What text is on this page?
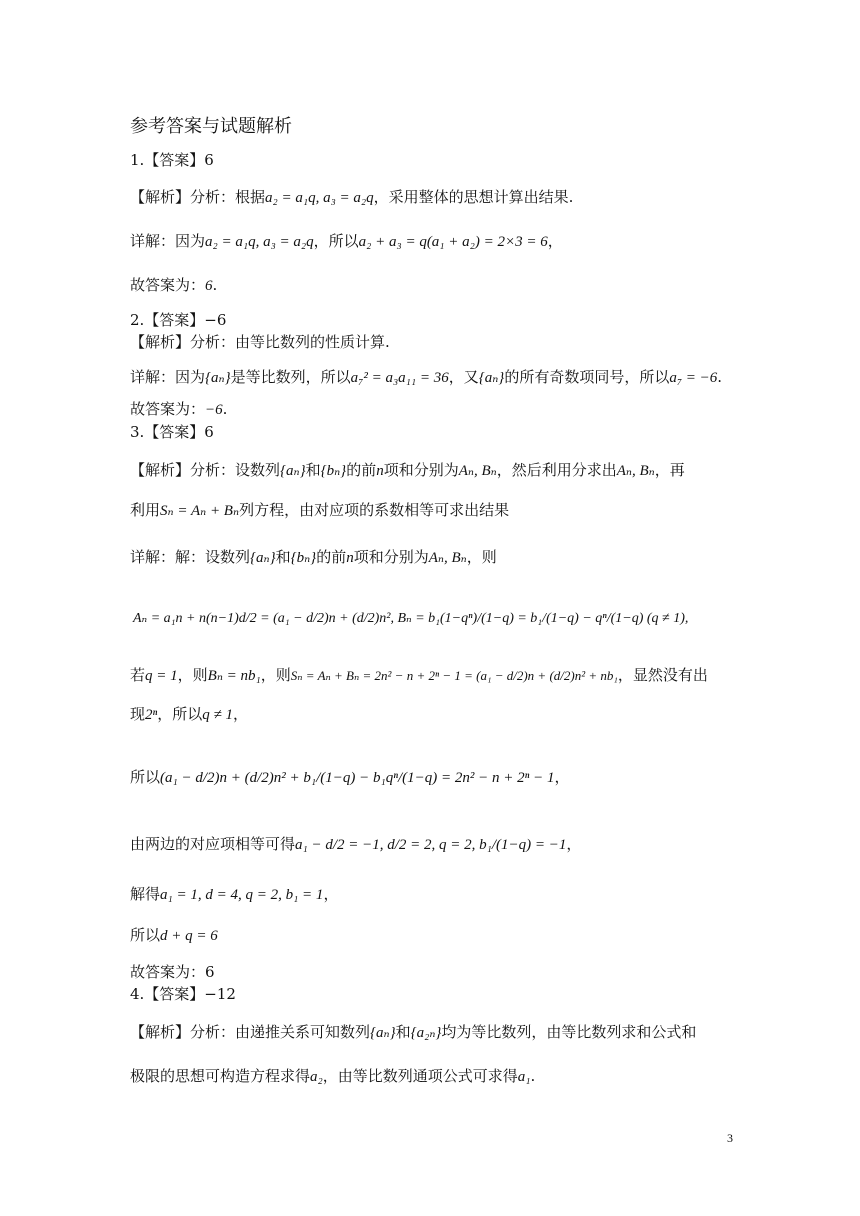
参考答案与试题解析
1.【答案】6
【解析】分析：根据a₂ = a₁q, a₃ = a₂q，采用整体的思想计算出结果.
详解：因为a₂ = a₁q, a₃ = a₂q，所以a₂ + a₃ = q(a₁ + a₂) = 2×3 = 6，
故答案为：6.
2.【答案】−6
【解析】分析：由等比数列的性质计算.
详解：因为{aₙ}是等比数列，所以a₇² = a₃a₁₁ = 36，又{aₙ}的所有奇数项同号，所以a₇ = −6.
故答案为：−6.
3.【答案】6
【解析】分析：设数列{aₙ}和{bₙ}的前n项和分别为Aₙ, Bₙ，然后利用分求出Aₙ, Bₙ，再
利用Sₙ = Aₙ + Bₙ列方程，由对应项的系数相等可求出结果
详解：解：设数列{aₙ}和{bₙ}的前n项和分别为Aₙ, Bₙ，则
Aₙ = a₁n + n(n−1)d/2 = (a₁ − d/2)n + (d/2)n², Bₙ = b₁(1−qⁿ)/(1−q) = b₁/(1−q) − qⁿ/(1−q) (q ≠ 1),
若q = 1，则Bₙ = nb₁，则Sₙ = Aₙ + Bₙ = 2n² − n + 2ⁿ − 1 = (a₁ − d/2)n + (d/2)n² + nb₁，显然没有出
现2ⁿ，所以q ≠ 1，
所以(a₁ − d/2)n + (d/2)n² + b₁/(1−q) − b₁qⁿ/(1−q) = 2n² − n + 2ⁿ − 1，
由两边的对应项相等可得a₁ − d/2 = −1, d/2 = 2, q = 2, b₁/(1−q) = −1，
解得a₁ = 1, d = 4, q = 2, b₁ = 1，
所以d + q = 6
故答案为：6
4.【答案】−12
【解析】分析：由递推关系可知数列{aₙ}和{a₂ₙ}均为等比数列，由等比数列求和公式和
极限的思想可构造方程求得a₂，由等比数列通项公式可求得a₁.
3
